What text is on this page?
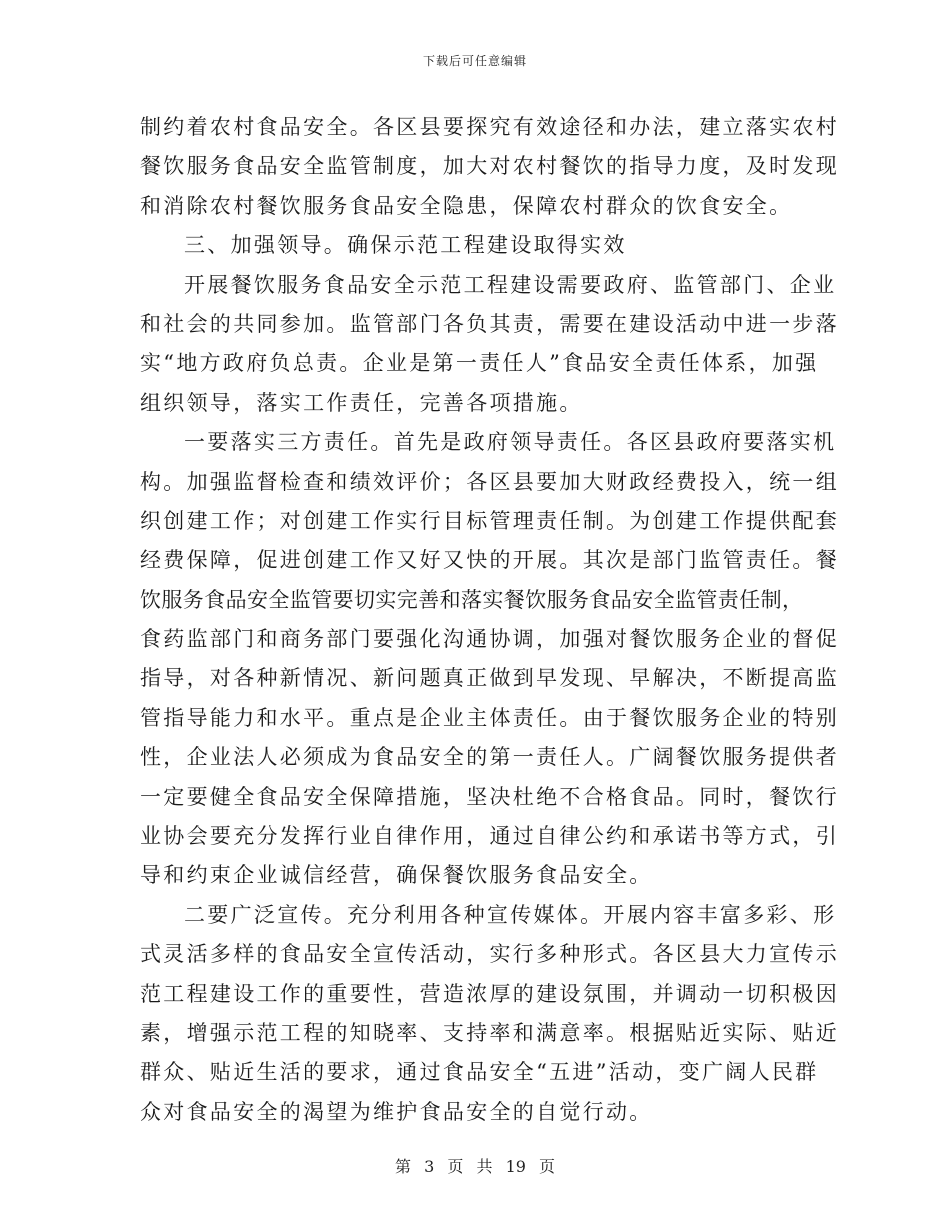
下载后可任意编辑
制约着农村食品安全。各区县要探究有效途径和办法，建立落实农村
餐饮服务食品安全监管制度，加大对农村餐饮的指导力度，及时发现
和消除农村餐饮服务食品安全隐患，保障农村群众的饮食安全。
三、加强领导。确保示范工程建设取得实效
开展餐饮服务食品安全示范工程建设需要政府、监管部门、企业
和社会的共同参加。监管部门各负其责，需要在建设活动中进一步落
实“地方政府负总责。企业是第一责任人”食品安全责任体系，加强
组织领导，落实工作责任，完善各项措施。
一要落实三方责任。首先是政府领导责任。各区县政府要落实机
构。加强监督检查和绩效评价；各区县要加大财政经费投入，统一组
织创建工作；对创建工作实行目标管理责任制。为创建工作提供配套
经费保障，促进创建工作又好又快的开展。其次是部门监管责任。餐
饮服务食品安全监管要切实完善和落实餐饮服务食品安全监管责任制，
食药监部门和商务部门要强化沟通协调，加强对餐饮服务企业的督促
指导，对各种新情况、新问题真正做到早发现、早解决，不断提高监
管指导能力和水平。重点是企业主体责任。由于餐饮服务企业的特别
性，企业法人必须成为食品安全的第一责任人。广阔餐饮服务提供者
一定要健全食品安全保障措施，坚决杜绝不合格食品。同时，餐饮行
业协会要充分发挥行业自律作用，通过自律公约和承诺书等方式，引
导和约束企业诚信经营，确保餐饮服务食品安全。
二要广泛宣传。充分利用各种宣传媒体。开展内容丰富多彩、形
式灵活多样的食品安全宣传活动，实行多种形式。各区县大力宣传示
范工程建设工作的重要性，营造浓厚的建设氛围，并调动一切积极因
素，增强示范工程的知晓率、支持率和满意率。根据贴近实际、贴近
群众、贴近生活的要求，通过食品安全“五进”活动，变广阔人民群
众对食品安全的渴望为维护食品安全的自觉行动。
第 3 页 共 19 页
